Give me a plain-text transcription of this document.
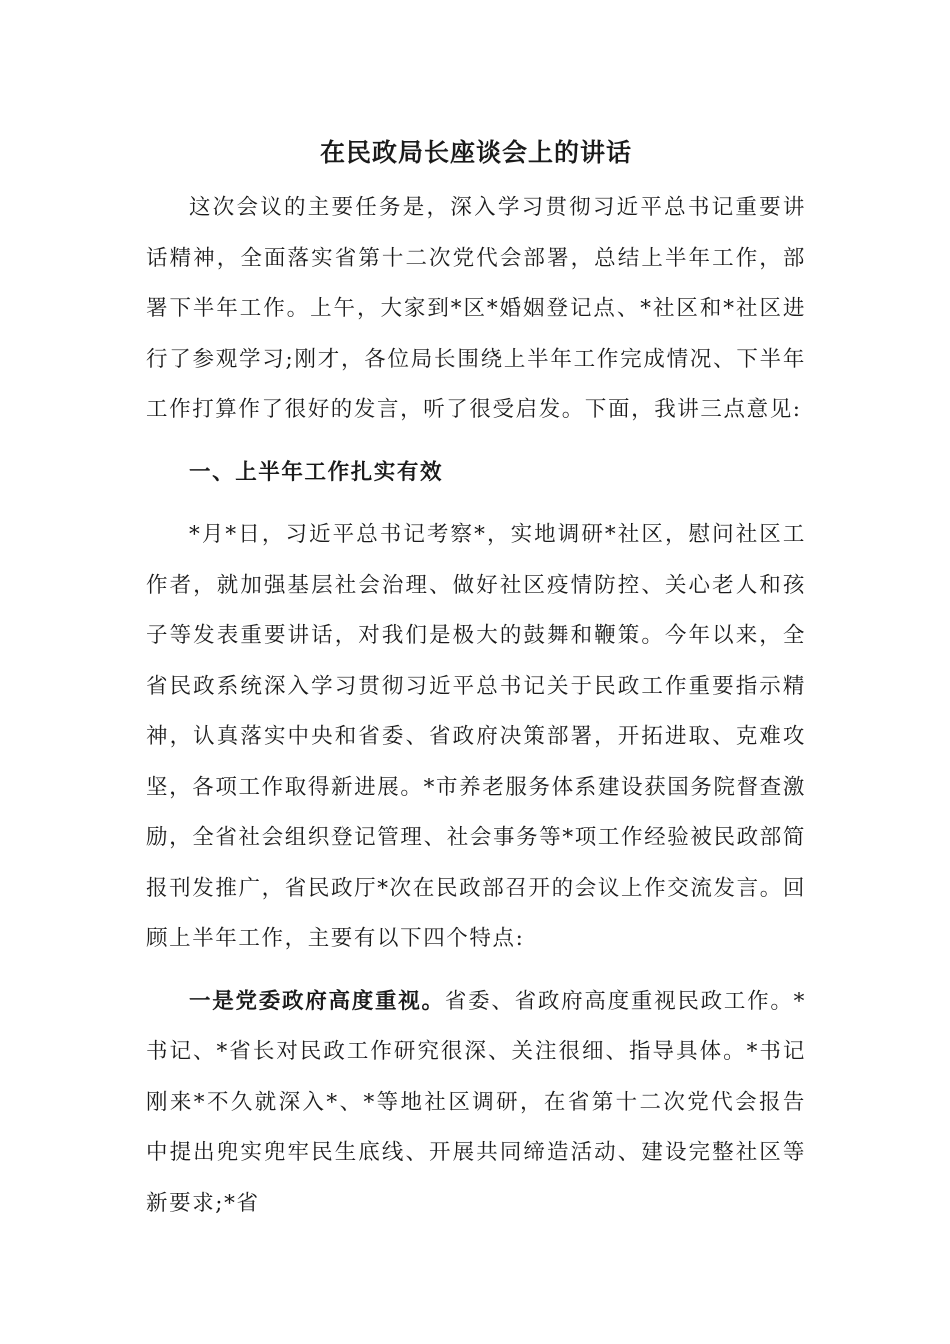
在民政局长座谈会上的讲话

这次会议的主要任务是，深入学习贯彻习近平总书记重要讲话精神，全面落实省第十二次党代会部署，总结上半年工作，部署下半年工作。上午，大家到*区*婚姻登记点、*社区和*社区进行了参观学习;刚才，各位局长围绕上半年工作完成情况、下半年工作打算作了很好的发言，听了很受启发。下面，我讲三点意见:

一、上半年工作扎实有效

*月*日，习近平总书记考察*，实地调研*社区，慰问社区工作者，就加强基层社会治理、做好社区疫情防控、关心老人和孩子等发表重要讲话，对我们是极大的鼓舞和鞭策。今年以来，全省民政系统深入学习贯彻习近平总书记关于民政工作重要指示精神，认真落实中央和省委、省政府决策部署，开拓进取、克难攻坚，各项工作取得新进展。*市养老服务体系建设获国务院督查激励，全省社会组织登记管理、社会事务等*项工作经验被民政部简报刊发推广，省民政厅*次在民政部召开的会议上作交流发言。回顾上半年工作，主要有以下四个特点:

一是党委政府高度重视。省委、省政府高度重视民政工作。*书记、*省长对民政工作研究很深、关注很细、指导具体。*书记刚来*不久就深入*、*等地社区调研，在省第十二次党代会报告中提出兜实兜牢民生底线、开展共同缔造活动、建设完整社区等新要求;*省
